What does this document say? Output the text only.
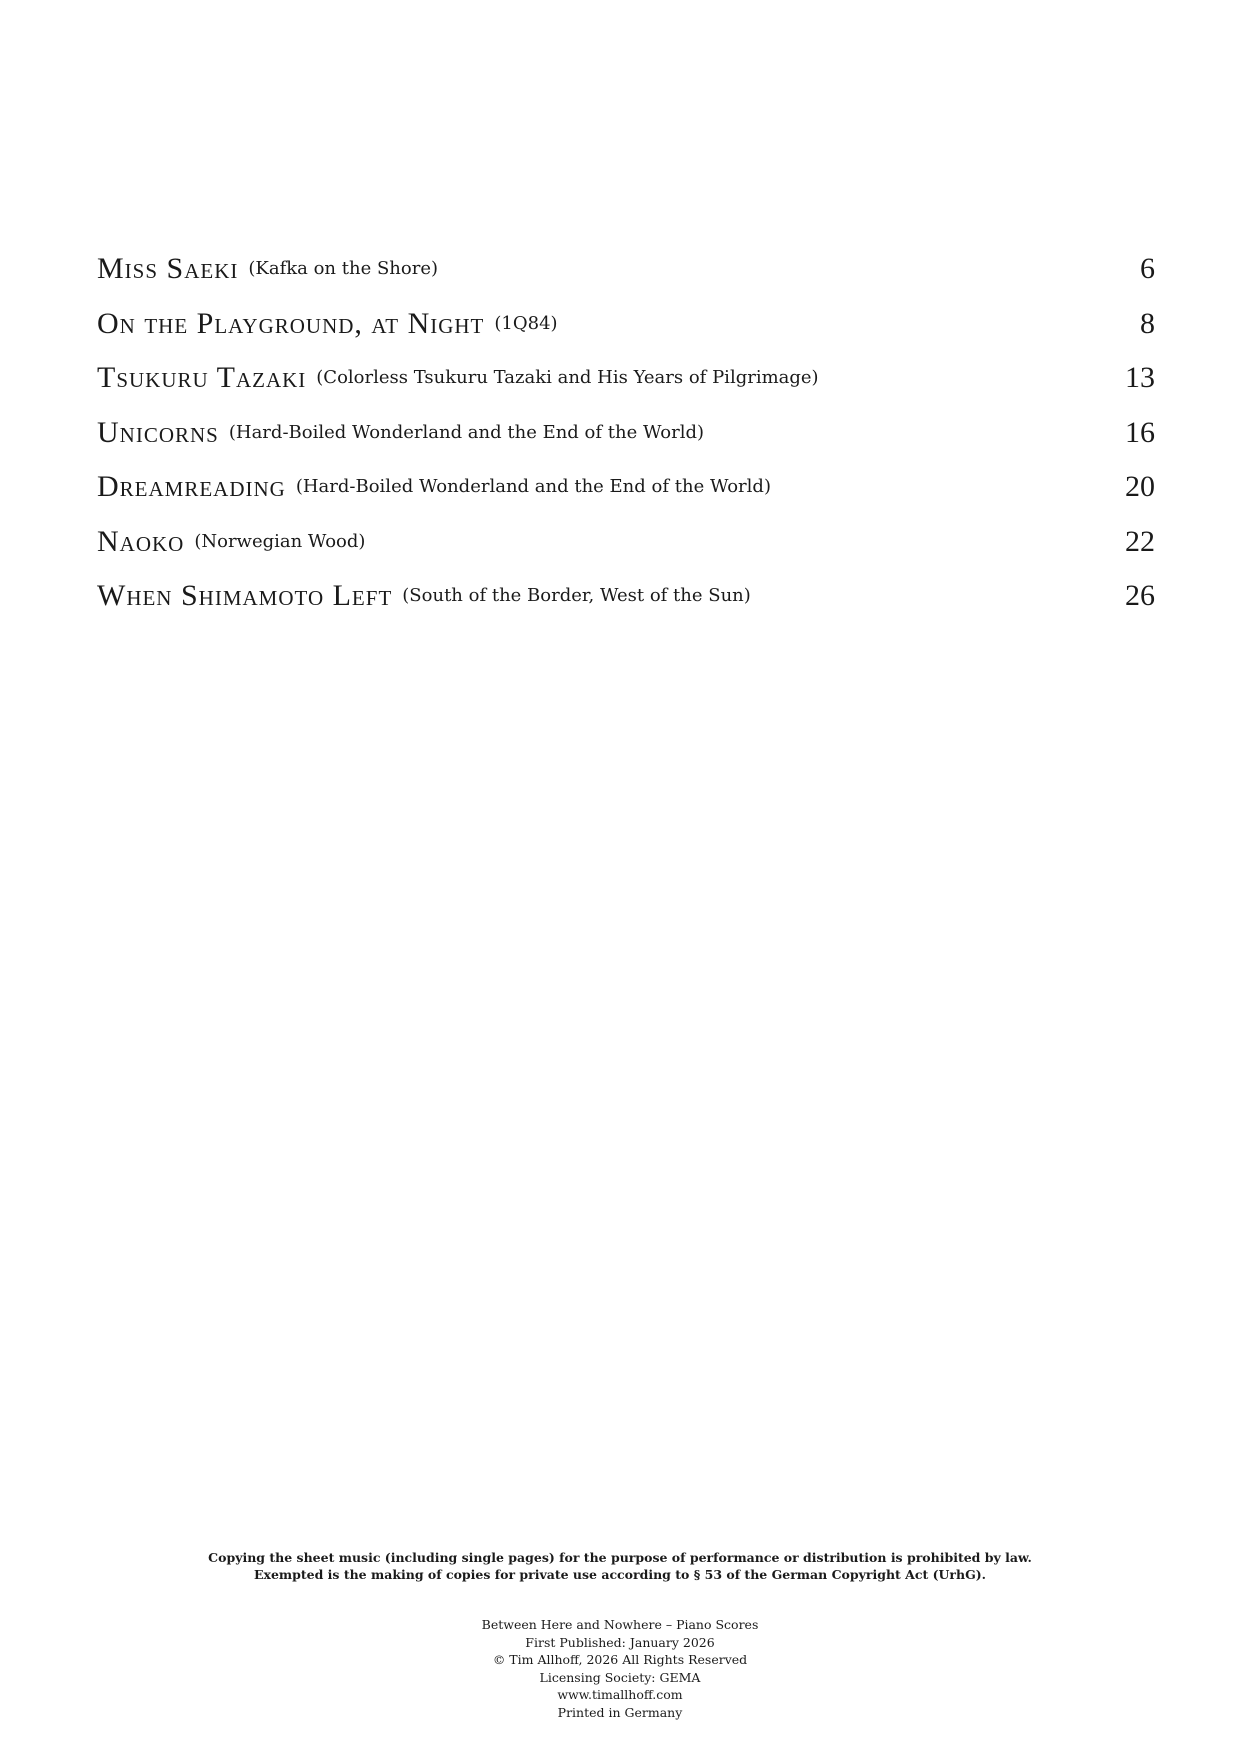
Miss Saeki (Kafka on the Shore)	6
On the Playground, at Night (1Q84)	8
Tsukuru Tazaki (Colorless Tsukuru Tazaki and His Years of Pilgrimage)	13
Unicorns (Hard-Boiled Wonderland and the End of the World)	16
Dreamreading (Hard-Boiled Wonderland and the End of the World)	20
Naoko (Norwegian Wood)	22
When Shimamoto Left (South of the Border, West of the Sun)	26
Copying the sheet music (including single pages) for the purpose of performance or distribution is prohibited by law.
Exempted is the making of copies for private use according to § 53 of the German Copyright Act (UrhG).
Between Here and Nowhere – Piano Scores
First Published: January 2026
© Tim Allhoff, 2026 All Rights Reserved
Licensing Society: GEMA
www.timallhoff.com
Printed in Germany
